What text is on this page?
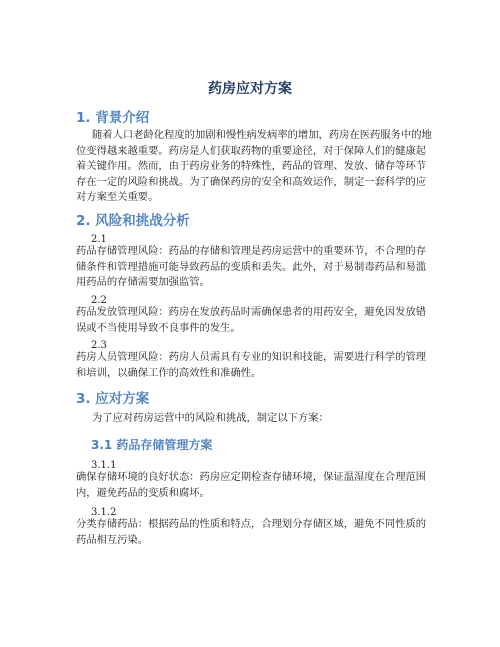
药房应对方案
1. 背景介绍
随着人口老龄化程度的加剧和慢性病发病率的增加，药房在医药服务中的地位变得越来越重要。药房是人们获取药物的重要途径，对于保障人们的健康起着关键作用。然而，由于药房业务的特殊性，药品的管理、发放、储存等环节存在一定的风险和挑战。为了确保药房的安全和高效运作，制定一套科学的应对方案至关重要。
2. 风险和挑战分析
2.1
药品存储管理风险：药品的存储和管理是药房运营中的重要环节，不合理的存储条件和管理措施可能导致药品的变质和丢失。此外，对于易制毒药品和易滥用药品的存储需要加强监管。
2.2
药品发放管理风险：药房在发放药品时需确保患者的用药安全，避免因发放错误或不当使用导致不良事件的发生。
2.3
药房人员管理风险：药房人员需具有专业的知识和技能，需要进行科学的管理和培训，以确保工作的高效性和准确性。
3. 应对方案
为了应对药房运营中的风险和挑战，制定以下方案：
3.1 药品存储管理方案
3.1.1
确保存储环境的良好状态：药房应定期检查存储环境，保证温湿度在合理范围内，避免药品的变质和腐坏。
3.1.2
分类存储药品：根据药品的性质和特点，合理划分存储区域，避免不同性质的药品相互污染。
